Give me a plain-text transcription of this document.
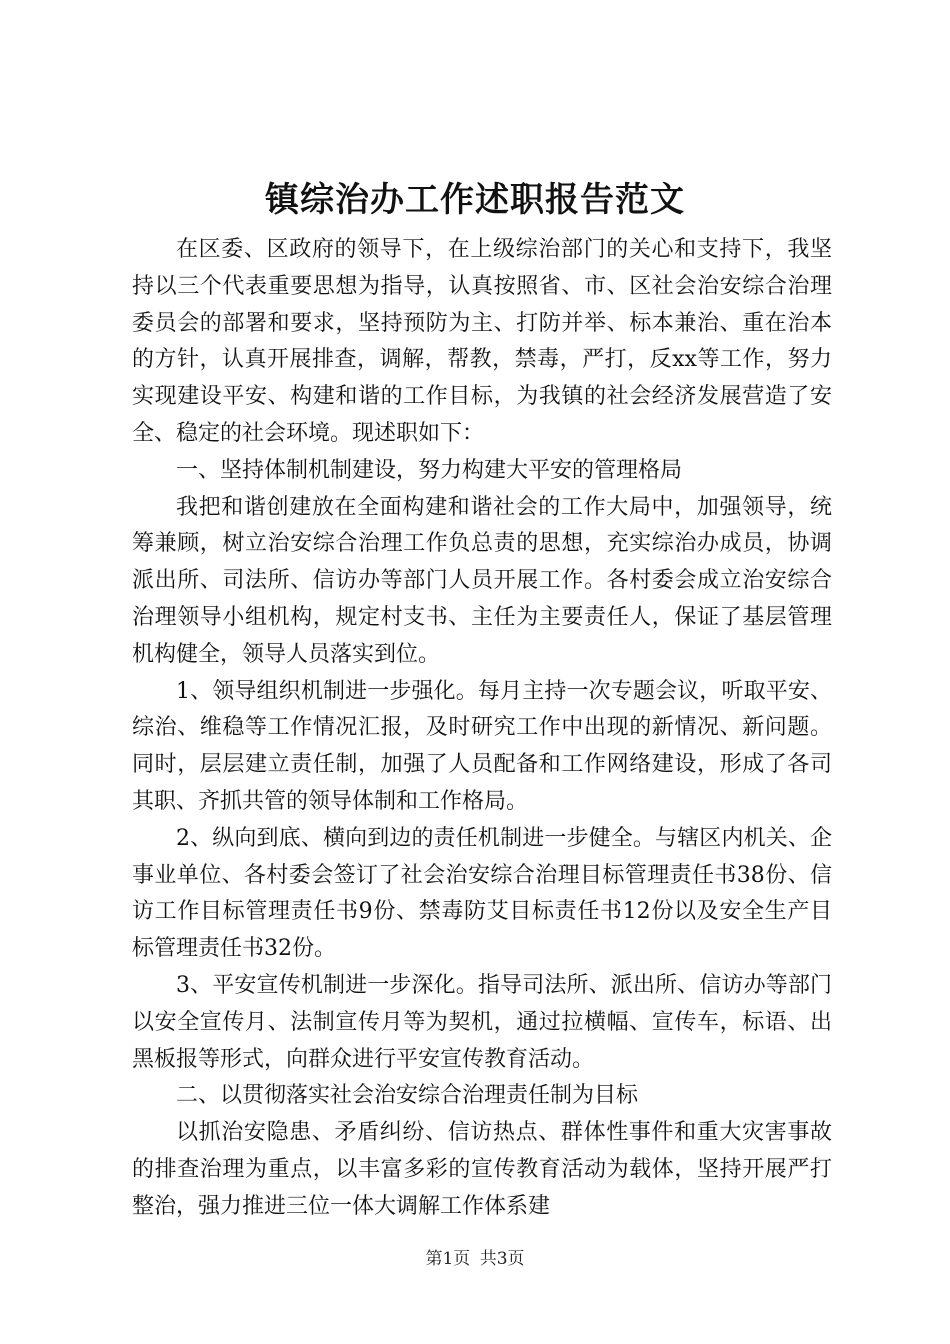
镇综治办工作述职报告范文

在区委、区政府的领导下，在上级综治部门的关心和支持下，我坚持以三个代表重要思想为指导，认真按照省、市、区社会治安综合治理委员会的部署和要求，坚持预防为主、打防并举、标本兼治、重在治本的方针，认真开展排查，调解，帮教，禁毒，严打，反xx等工作，努力实现建设平安、构建和谐的工作目标，为我镇的社会经济发展营造了安全、稳定的社会环境。现述职如下：

一、坚持体制机制建设，努力构建大平安的管理格局

我把和谐创建放在全面构建和谐社会的工作大局中，加强领导，统筹兼顾，树立治安综合治理工作负总责的思想，充实综治办成员，协调派出所、司法所、信访办等部门人员开展工作。各村委会成立治安综合治理领导小组机构，规定村支书、主任为主要责任人，保证了基层管理机构健全，领导人员落实到位。

1、领导组织机制进一步强化。每月主持一次专题会议，听取平安、综治、维稳等工作情况汇报，及时研究工作中出现的新情况、新问题。同时，层层建立责任制，加强了人员配备和工作网络建设，形成了各司其职、齐抓共管的领导体制和工作格局。

2、纵向到底、横向到边的责任机制进一步健全。与辖区内机关、企事业单位、各村委会签订了社会治安综合治理目标管理责任书38份、信访工作目标管理责任书9份、禁毒防艾目标责任书12份以及安全生产目标管理责任书32份。

3、平安宣传机制进一步深化。指导司法所、派出所、信访办等部门以安全宣传月、法制宣传月等为契机，通过拉横幅、宣传车，标语、出黑板报等形式，向群众进行平安宣传教育活动。

二、以贯彻落实社会治安综合治理责任制为目标

以抓治安隐患、矛盾纠纷、信访热点、群体性事件和重大灾害事故的排查治理为重点，以丰富多彩的宣传教育活动为载体，坚持开展严打整治，强力推进三位一体大调解工作体系建

第1页 共3页
